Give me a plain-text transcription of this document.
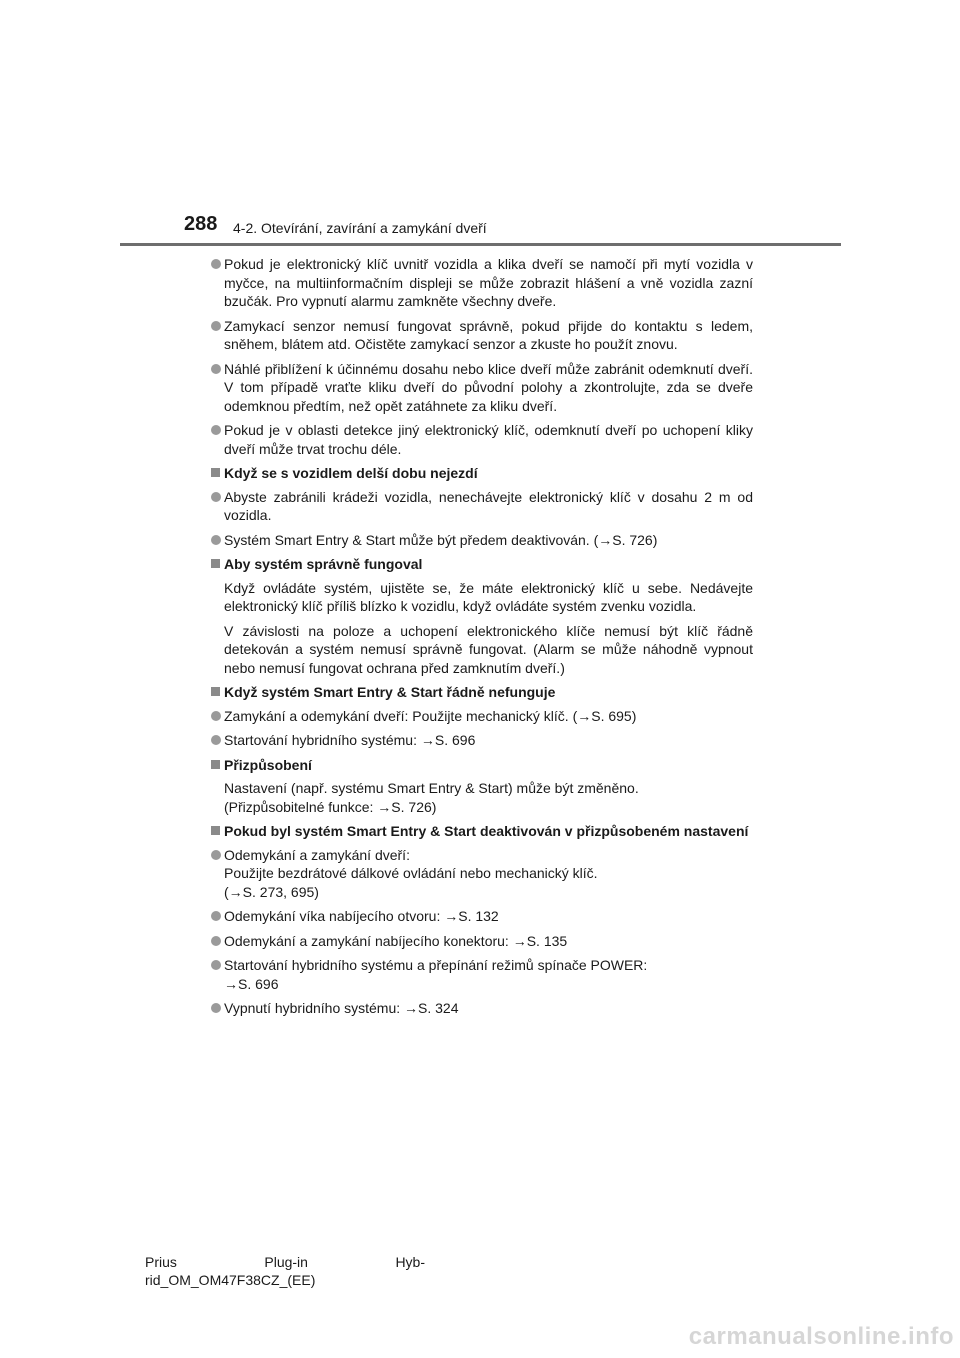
288 4-2. Otevírání, zavírání a zamykání dveří
Pokud je elektronický klíč uvnitř vozidla a klika dveří se namočí při mytí vozidla v myčce, na multiinformačním displeji se může zobrazit hlášení a vně vozidla zazní bzučák. Pro vypnutí alarmu zamkněte všechny dveře.
Zamykací senzor nemusí fungovat správně, pokud přijde do kontaktu s ledem, sněhem, blátem atd. Očistěte zamykací senzor a zkuste ho použít znovu.
Náhlé přiblížení k účinnému dosahu nebo klice dveří může zabránit odemknutí dveří. V tom případě vraťte kliku dveří do původní polohy a zkontrolujte, zda se dveře odemknou předtím, než opět zatáhnete za kliku dveří.
Pokud je v oblasti detekce jiný elektronický klíč, odemknutí dveří po uchopení kliky dveří může trvat trochu déle.
Když se s vozidlem delší dobu nejezdí
Abyste zabránili krádeži vozidla, nenechávejte elektronický klíč v dosahu 2 m od vozidla.
Systém Smart Entry & Start může být předem deaktivován. (→S. 726)
Aby systém správně fungoval
Když ovládáte systém, ujistěte se, že máte elektronický klíč u sebe. Nedávejte elektronický klíč příliš blízko k vozidlu, když ovládáte systém zvenku vozidla.
V závislosti na poloze a uchopení elektronického klíče nemusí být klíč řádně detekován a systém nemusí správně fungovat. (Alarm se může náhodně vypnout nebo nemusí fungovat ochrana před zamknutím dveří.)
Když systém Smart Entry & Start řádně nefunguje
Zamykání a odemykání dveří: Použijte mechanický klíč. (→S. 695)
Startování hybridního systému: →S. 696
Přizpůsobení
Nastavení (např. systému Smart Entry & Start) může být změněno.
(Přizpůsobitelné funkce: →S. 726)
Pokud byl systém Smart Entry & Start deaktivován v přizpůsobeném nastavení
Odemykání a zamykání dveří:
Použijte bezdrátové dálkové ovládání nebo mechanický klíč.
(→S. 273, 695)
Odemykání víka nabíjecího otvoru: →S. 132
Odemykání a zamykání nabíjecího konektoru: →S. 135
Startování hybridního systému a přepínání režimů spínače POWER:
→S. 696
Vypnutí hybridního systému: →S. 324
Prius	Plug-in	Hyb-
rid_OM_OM47F38CZ_(EE)
carmanualsonline.info
